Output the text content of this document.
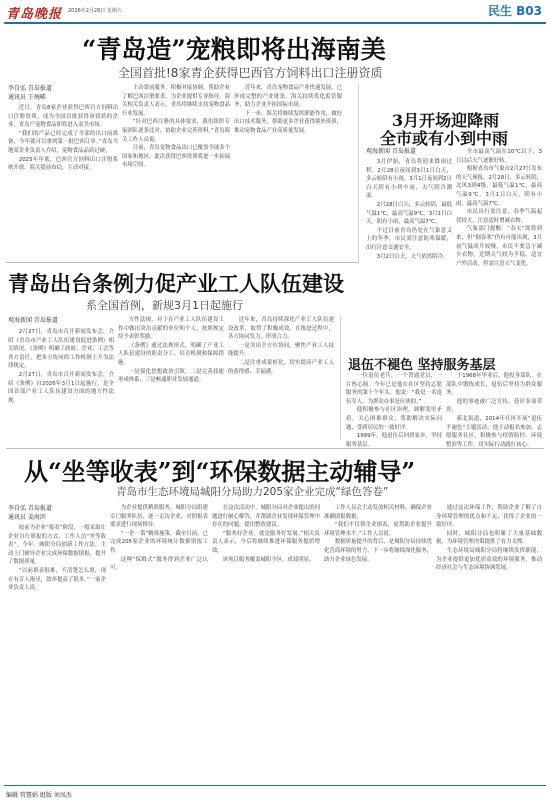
青岛晚报 2026年2月28日 星期六	民生 B03
“青岛造”宠粮即将出海南美
全国首批!8家青企获得巴西官方饲料出口注册资质
李自弘 青岛报道
通讯员 王琬晞

近日，青岛8家企业获得巴西官方饲料出口注册资质，成为全国首批获得该资质的企业，青岛产宠物食品即将进入南美市场。

“我们的产品已经完成了全部的出口前准备，今年就可以拿到第一批巴西订单。”青岛当地某企业负责人介绍，宠物食品品质过硬。

2025年年底，巴西官方饲料出口注册系统开放，海关提前布局，主动对接。

主动靠前服务，积极对接协调，帮助企业了解巴西注册要求，为企业提供专业指导。海关相关负责人表示，青岛将继续支持宠物食品行业发展。

“针对巴西注册的具体要求，我们组织专家团队逐条比对，协助企业完善资料。”青岛海关工作人员说。

目前，青岛宠物食品出口已覆盖全球多个国家和地区，此次获得巴西资质将进一步拓展市场空间。

近年来，青岛宠物食品产业快速发展，已形成完整的产业链条。海关持续优化监管服务，助力企业开拓国际市场。

下一步，海关将继续发挥职能作用，做好出口技术服务，帮助更多企业获得境外资质，推动宠物食品产业高质量发展。

3月开场迎降雨
全市或有小到中雨
观海新闻 青岛报道

3月伊始，青岛将迎来降雨过程。2月28日夜间到3月1日白天，多云转阴有小雨，3月1日夜间到2日白天阴有小到中雨，天气阴冷潮湿。

2月28日白天，多云转阴，最低气温1℃，最高气温9℃。3月1日白天，阴有小雨，最高气温7℃。

不过目前青岛仍处在气象意义上的冬季，市民需注意防寒保暖，出行注意交通安全。

3月2日白天，天气依然阴冷。

全市最高气温在10℃以下，3日以后天气逐渐好转。

根据青岛市气象台2月27日发布的天气预报，2月28日，多云转阴，北风3到4级，最低气温1℃，最高气温9℃。3月1日白天，阴有小雨，最高气温7℃。

市民出行需注意，春季气温起伏较大，注意适时增减衣物。

气象部门提醒：“春天”即将到来，但“倒春寒”仍有可能出现，3月初气温回升较慢，市民不要急于减少衣物。近期天气较为平稳，适宜户外活动，但需注意天气变化。

青岛出台条例力促产业工人队伍建设
系全国首例，新规3月1日起施行
观海新闻 青岛报道

2月27日，青岛市召开新闻发布会，介绍《青岛市产业工人队伍建设促进条例》相关情况。《条例》明确了政府、企业、工会等各方责任，把多方协同的工作机制上升为法律规定。

2月27日，青岛市召开新闻发布会，介绍《条例》自2026年3月1日起施行，是全国首部产业工人队伍建设方面的地方性法规。

方性法规。对于在产业工人队伍建设工作中做出突出贡献的单位和个人，按照规定给予表彰奖励。

《条例》通过法规形式，明确了产业工人队伍建设的职责分工、培育机制和保障措施。

一是强化思想政治引领，二是完善技能形成体系，三是畅通职业发展通道。

近年来，青岛持续深化产业工人队伍建设改革，取得了积极成效。在推进过程中，各方协同发力，形成合力。

一是突出全方位协同，聚焦产业工人技能提升。

二是注重成果转化，切实提高产业工人的获得感、幸福感。	退伍不褪色 坚持服务基层

一位退伍老兵，一个普通党员，一片热心肠。今年已是他在社区坚持志愿服务的第十个年头，他说：“我是一名退伍军人，为群众办事是应该的。”

他积极参与社区治理，调解邻里矛盾，关心困难群众，帮助解决实际问题，受到居民的一致好评。

1999年，他退伍后回到家乡，坚持服务基层。

于1968年毕业后，他投身部队，在部队中锻炼成长，退伍后坚持为群众服务。

他的事迹被广泛宣传，获评多项荣誉。

新北街道，2014年社区开展“退伍不褪色”主题活动，他主动报名参加，志愿服务社区，积极参与疫情防控、环境整治等工作，用实际行动践行初心。

从“坐等收表”到“环保数据主动辅导”
青岛市生态环境局城阳分局助力205家企业完成“绿色答卷”
李自弘 青岛报道
通讯员 姜海滨

较前为企业“报表”阶段，一般采取让企业自行填报的方式，工作人员“坐等收表”。今年，城阳分局创新工作方法，主动上门辅导企业完成环保数据填报，提升了数据质量。

“以前填表很难，不清楚怎么填，现在有专人指导，效率提高了很多。”一家企业负责人说。

为企业提供精准服务，城阳分局组建专门服务队伍，逐一走访企业，对照报表要求进行现场指导。

“一企一策”精准施策，截至目前，已完成205家企业的环境统计数据填报工作。

这种“保姆式”服务得到企业广泛认可。

在这次活动中，城阳分局对企业提出的问题进行耐心解答，并帮助企业发现环保管理中存在的问题，提出整改建议。

“服务好企业，就是服务好发展。”相关负责人表示，今后将继续推进环保服务提质增效。

该项目服务覆盖城阳全区，成效明显。

工作人员会主动发放相关材料，确保企业准确填报数据。

“我们不仅帮企业填表，更帮助企业提升环境管理水平。”工作人员说。

数据质量提升的背后，是城阳分局持续优化营商环境的努力，下一步将继续深化服务，助力企业绿色发展。

通过这次环保工作，帮助企业了解了自身环境管理的优点和不足，获得了企业的一致好评。

同时，城阳分局也积累了大量基础数据，为环境管理决策提供了有力支撑。

生态环境局城阳分局将继续发挥职能，为企业提供更加优质高效的环境服务，推动经济社会与生态环境协调发展。

编辑 管慧娟 组版 刘凤杰
